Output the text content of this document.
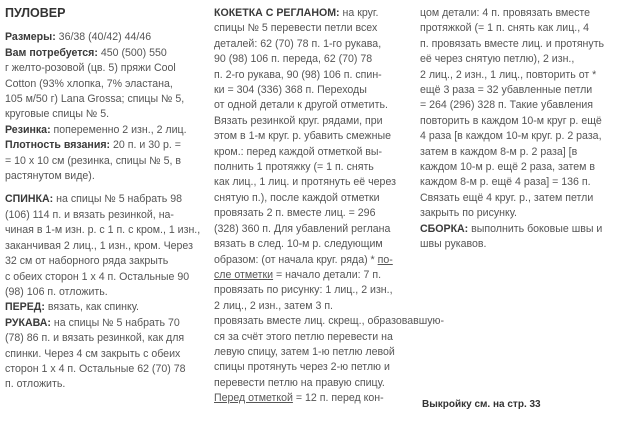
ПУЛОВЕР
Размеры: 36/38 (40/42) 44/46
Вам потребуется: 450 (500) 550
г желто-розовой (цв. 5) пряжи Cool
Cotton (93% хлопка, 7% эластана,
105 м/50 г) Lana Grossa; спицы № 5,
круговые спицы № 5.
Резинка: попеременно 2 изн., 2 лиц.
Плотность вязания: 20 п. и 30 р. =
= 10 х 10 см (резинка, спицы № 5, в
растянутом виде).
СПИНКА: на спицы № 5 набрать 98
(106) 114 п. и вязать резинкой, на-
чиная в 1-м изн. р. с 1 п. с кром., 1 изн.,
заканчивая 2 лиц., 1 изн., кром. Через
32 см от наборного ряда закрыть
с обеих сторон 1 х 4 п. Остальные 90
(98) 106 п. отложить.
ПЕРЕД: вязать, как спинку.
РУКАВА: на спицы № 5 набрать 70
(78) 86 п. и вязать резинкой, как для
спинки. Через 4 см закрыть с обеих
сторон 1 х 4 п. Остальные 62 (70) 78
п. отложить.
КОКЕТКА С РЕГЛАНОМ: на круг.
спицы № 5 перевести петли всех
деталей: 62 (70) 78 п. 1-го рукава,
90 (98) 106 п. переда, 62 (70) 78
п. 2-го рукава, 90 (98) 106 п. спин-
ки = 304 (336) 368 п. Переходы
от одной детали к другой отметить.
Вязать резинкой круг. рядами, при
этом в 1-м круг. р. убавить смежные
кром.: перед каждой отметкой вы-
полнить 1 протяжку (= 1 п. снять
как лиц., 1 лиц. и протянуть её через
снятую п.), после каждой отметки
провязать 2 п. вместе лиц. = 296
(328) 360 п. Для убавлений реглана
вязать в след. 10-м р. следующим
образом: (от начала круг. ряда) * по-
сле отметки = начало детали: 7 п.
провязать по рисунку: 1 лиц., 2 изн.,
2 лиц., 2 изн., затем 3 п.
провязать вместе лиц. скрещ., образовавшую-
ся за счёт этого петлю перевести на
левую спицу, затем 1-ю петлю левой
спицы протянуть через 2-ю петлю и
перевести петлю на правую спицу.
Перед отметкой = 12 п. перед кон-
цом детали: 4 п. провязать вместе
протяжкой (= 1 п. снять как лиц., 4
п. провязать вместе лиц. и протянуть
её через снятую петлю), 2 изн.,
2 лиц., 2 изн., 1 лиц., повторить от *
ещё 3 раза = 32 убавленные петли
= 264 (296) 328 п. Такие убавления
повторить в каждом 10-м круг р. ещё
4 раза [в каждом 10-м круг. р. 2 раза,
затем в каждом 8-м р. 2 раза] [в
каждом 10-м р. ещё 2 раза, затем в
каждом 8-м р. ещё 4 раза] = 136 п.
Связать ещё 4 круг. р., затем петли
закрыть по рисунку.
СБОРКА: выполнить боковые швы и
швы рукавов.
Выкройку см. на стр. 33
